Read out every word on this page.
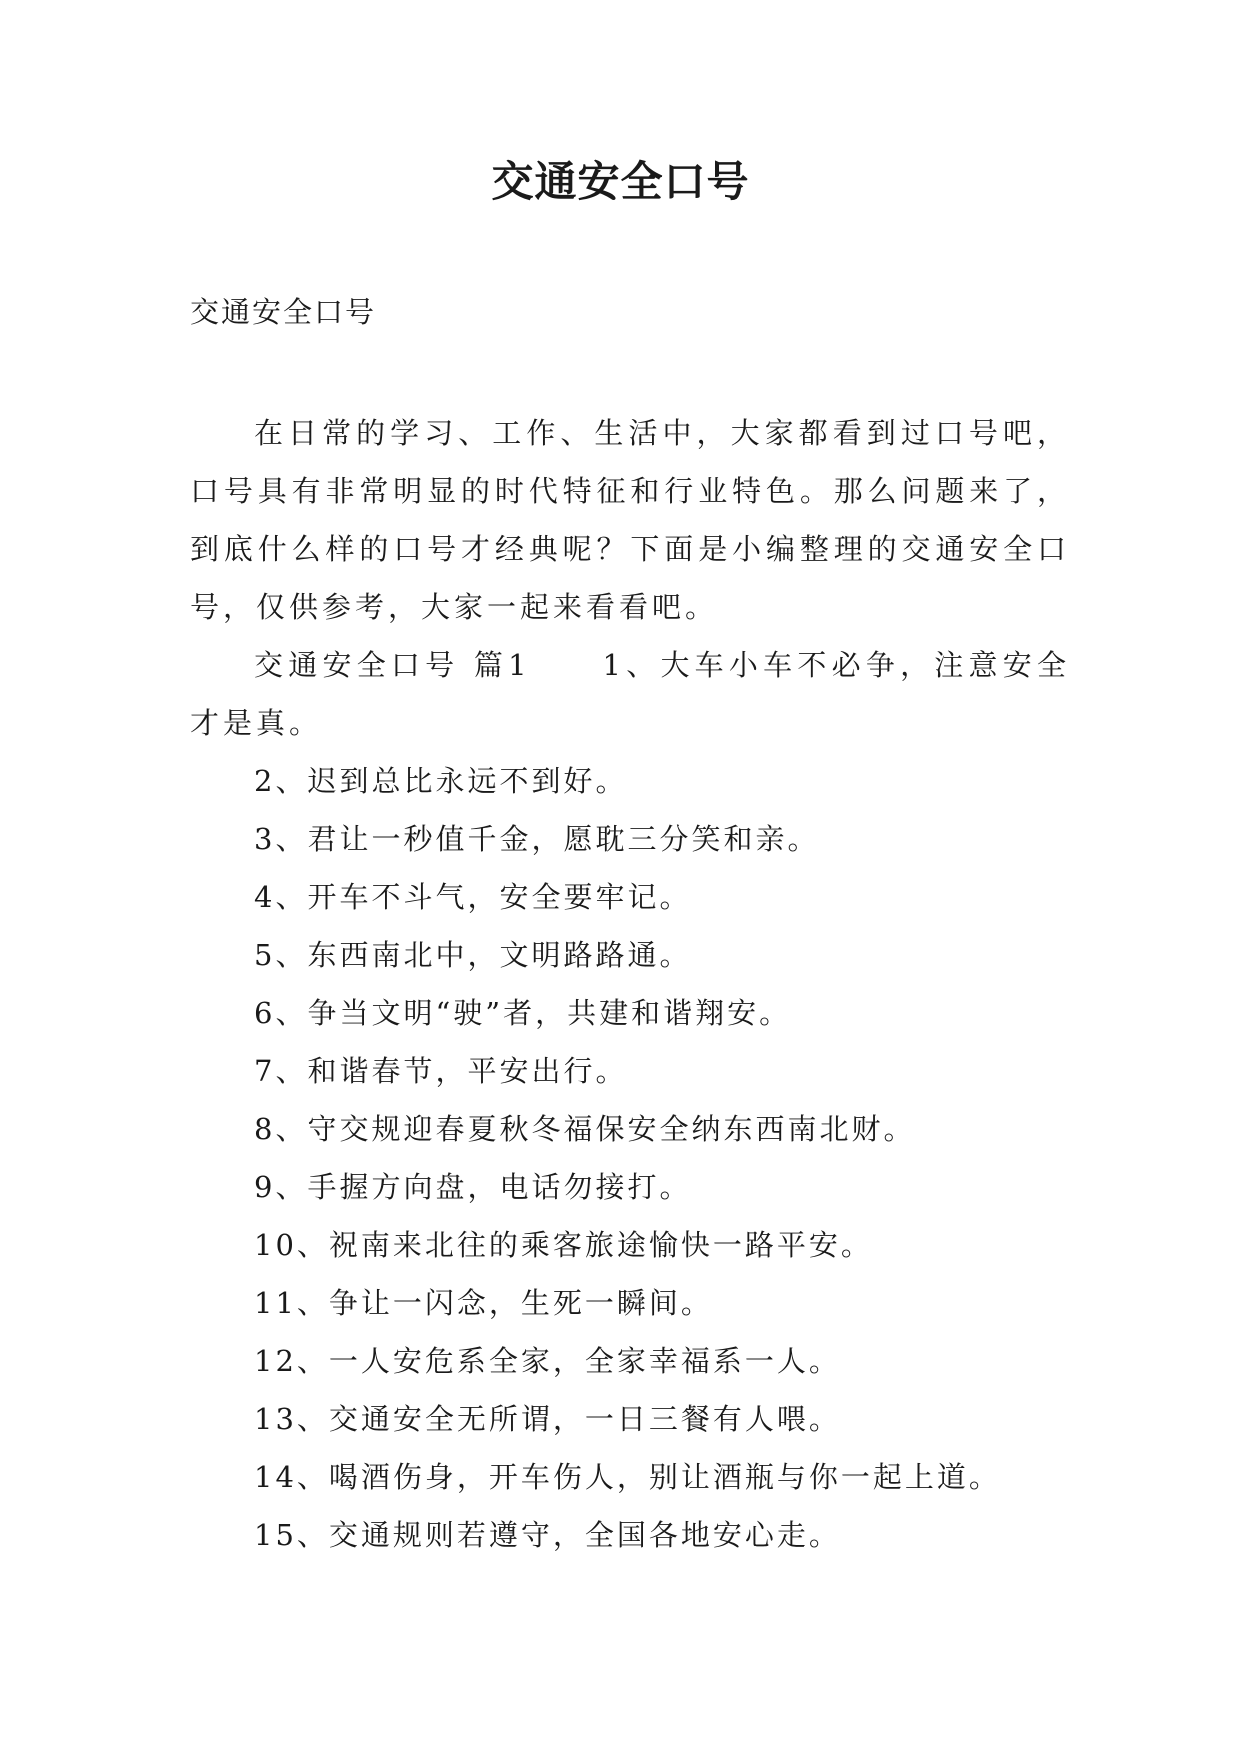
交通安全口号
交通安全口号

在日常的学习、工作、生活中，大家都看到过口号吧，口号具有非常明显的时代特征和行业特色。那么问题来了，到底什么样的口号才经典呢？下面是小编整理的交通安全口号，仅供参考，大家一起来看看吧。

交通安全口号 篇1 1、大车小车不必争，注意安全才是真。

2、迟到总比永远不到好。
3、君让一秒值千金，愿耽三分笑和亲。
4、开车不斗气，安全要牢记。
5、东西南北中，文明路路通。
6、争当文明“驶”者，共建和谐翔安。
7、和谐春节，平安出行。
8、守交规迎春夏秋冬福保安全纳东西南北财。
9、手握方向盘，电话勿接打。
10、祝南来北往的乘客旅途愉快一路平安。
11、争让一闪念，生死一瞬间。
12、一人安危系全家，全家幸福系一人。
13、交通安全无所谓，一日三餐有人喂。
14、喝酒伤身，开车伤人，别让酒瓶与你一起上道。
15、交通规则若遵守，全国各地安心走。
